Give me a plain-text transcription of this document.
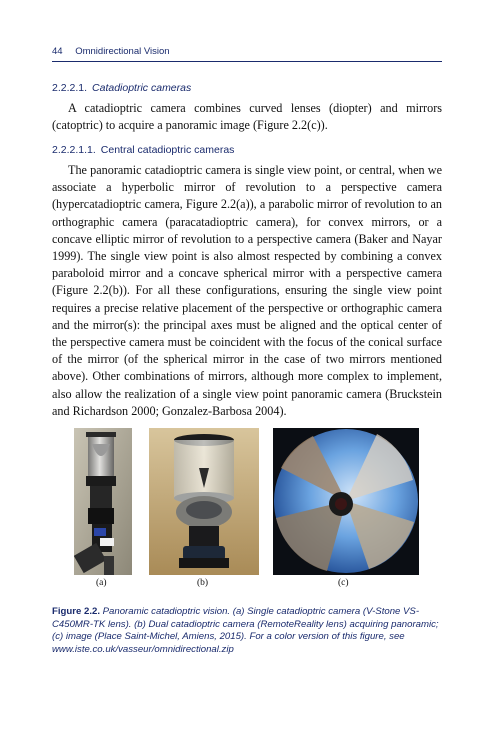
44 Omnidirectional Vision
2.2.2.1. Catadioptric cameras

A catadioptric camera combines curved lenses (diopter) and mirrors (catoptric) to acquire a panoramic image (Figure 2.2(c)).

2.2.2.1.1. Central catadioptric cameras

The panoramic catadioptric camera is single view point, or central, when we associate a hyperbolic mirror of revolution to a perspective camera (hypercatadioptric camera, Figure 2.2(a)), a parabolic mirror of revolution to an orthographic camera (paracatadioptric camera), for convex mirrors, or a concave elliptic mirror of revolution to a perspective camera (Baker and Nayar 1999). The single view point is also almost respected by combining a convex paraboloid mirror and a concave spherical mirror with a perspective camera (Figure 2.2(b)). For all these configurations, ensuring the single view point requires a precise relative placement of the perspective or orthographic camera and the mirror(s): the principal axes must be aligned and the optical center of the perspective camera must be coincident with the focus of the conical surface of the mirror (of the spherical mirror in the case of two mirrors mentioned above). Other combinations of mirrors, although more complex to implement, also allow the realization of a single view point panoramic camera (Bruckstein and Richardson 2000; Gonzalez-Barbosa 2004).

(a)	(b)	(c)

Figure 2.2. Panoramic catadioptric vision. (a) Single catadioptric camera (V-Stone VS-C450MR-TK lens). (b) Dual catadioptric camera (RemoteReality lens) acquiring panoramic; (c) image (Place Saint-Michel, Amiens, 2015). For a color version of this figure, see www.iste.co.uk/vasseur/omnidirectional.zip
